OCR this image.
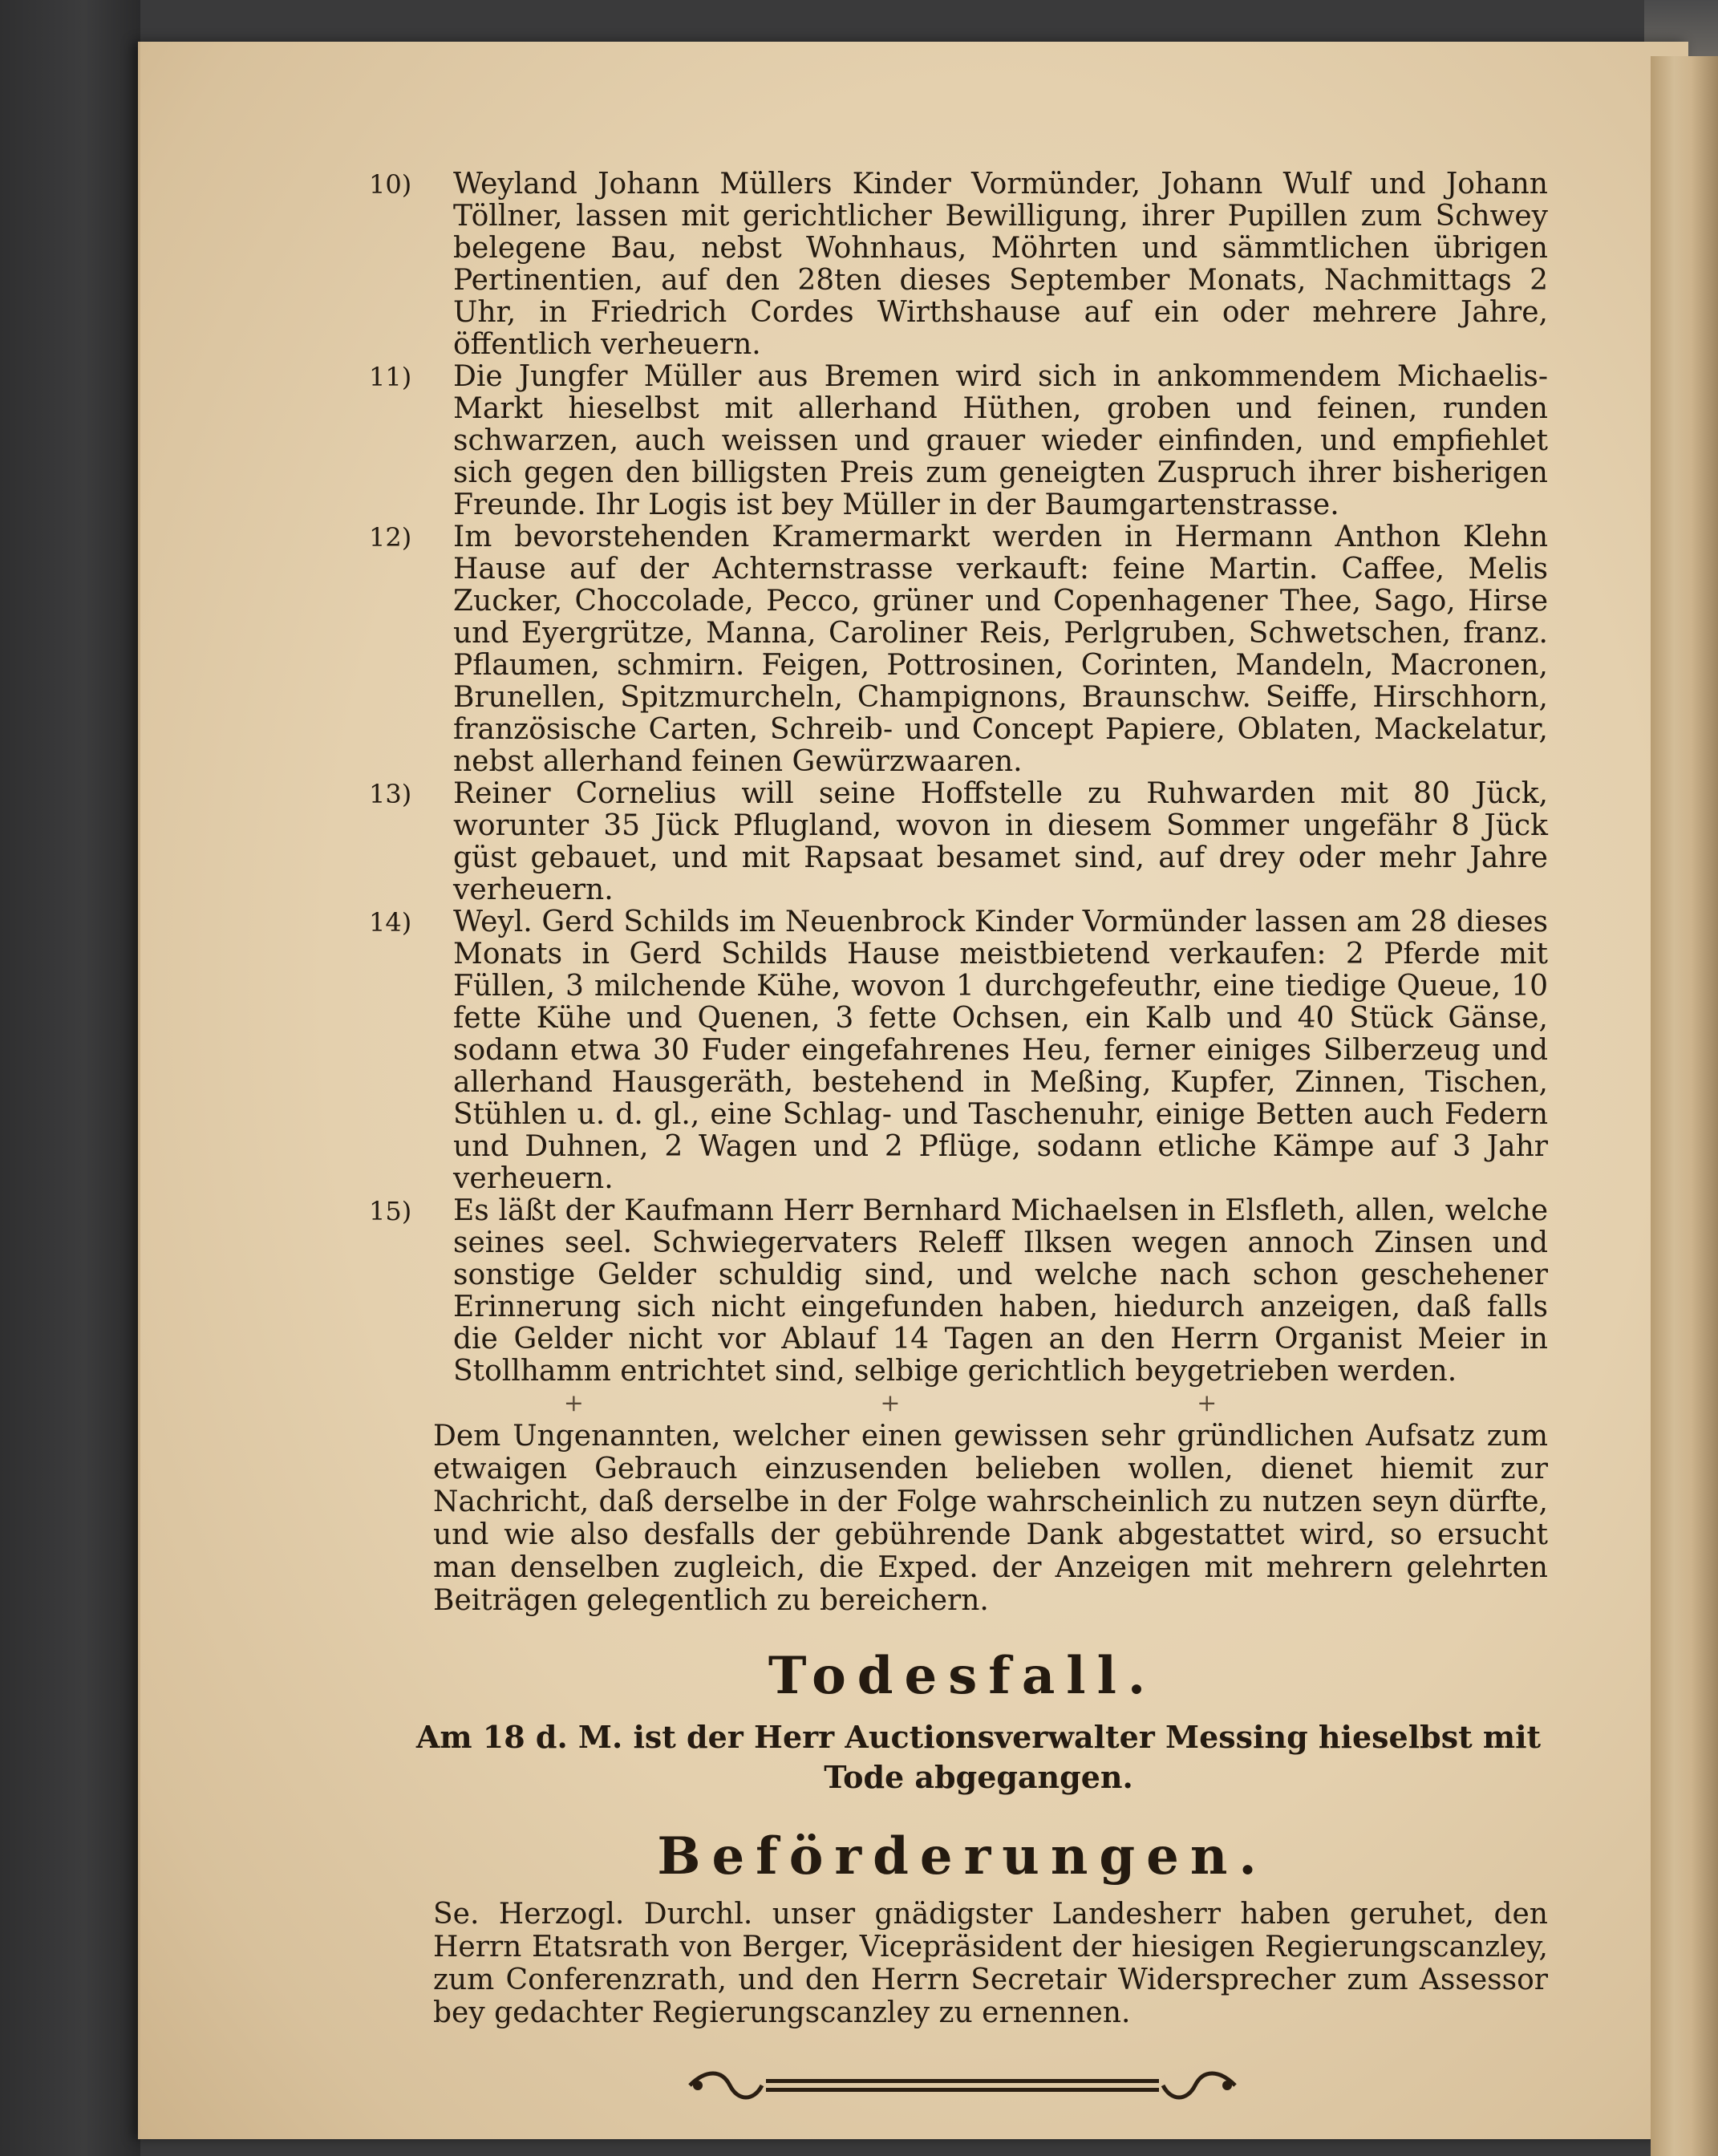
10)	Weyland Johann Müllers Kinder Vormünder, Johann Wulf und Johann Töllner, lassen mit gerichtlicher Bewilligung, ihrer Pupillen zum Schwey belegene Bau, nebst Wohnhaus, Möhrten und sämmtlichen übrigen Pertinentien, auf den 28ten dieses September Monats, Nachmittags 2 Uhr, in Friedrich Cordes Wirthshause auf ein oder mehrere Jahre, öffentlich verheuern.
11)	Die Jungfer Müller aus Bremen wird sich in ankommendem Michaelis-Markt hieselbst mit allerhand Hüthen, groben und feinen, runden schwarzen, auch weissen und grauer wieder einfinden, und empfiehlet sich gegen den billigsten Preis zum geneigten Zuspruch ihrer bisherigen Freunde. Ihr Logis ist bey Müller in der Baumgartenstrasse.
12)	Im bevorstehenden Kramermarkt werden in Hermann Anthon Klehn Hause auf der Achternstrasse verkauft: feine Martin. Caffee, Melis Zucker, Choccolade, Pecco, grüner und Copenhagener Thee, Sago, Hirse und Eyergrütze, Manna, Caroliner Reis, Perlgruben, Schwetschen, franz. Pflaumen, schmirn. Feigen, Pottrosinen, Corinten, Mandeln, Macronen, Brunellen, Spitzmurcheln, Champignons, Braunschw. Seiffe, Hirschhorn, französische Carten, Schreib- und Concept Papiere, Oblaten, Mackelatur, nebst allerhand feinen Gewürzwaaren.
13)	Reiner Cornelius will seine Hoffstelle zu Ruhwarden mit 80 Jück, worunter 35 Jück Pflugland, wovon in diesem Sommer ungefähr 8 Jück güst gebauet, und mit Rapsaat besamet sind, auf drey oder mehr Jahre verheuern.
14)	Weyl. Gerd Schilds im Neuenbrock Kinder Vormünder lassen am 28 dieses Monats in Gerd Schilds Hause meistbietend verkaufen: 2 Pferde mit Füllen, 3 milchende Kühe, wovon 1 durchgefeuthr, eine tiedige Queue, 10 fette Kühe und Quenen, 3 fette Ochsen, ein Kalb und 40 Stück Gänse, sodann etwa 30 Fuder eingefahrenes Heu, ferner einiges Silberzeug und allerhand Hausgeräth, bestehend in Meßing, Kupfer, Zinnen, Tischen, Stühlen u. d. gl., eine Schlag- und Taschenuhr, einige Betten auch Federn und Duhnen, 2 Wagen und 2 Pflüge, sodann etliche Kämpe auf 3 Jahr verheuern.
15)	Es läßt der Kaufmann Herr Bernhard Michaelsen in Elsfleth, allen, welche seines seel. Schwiegervaters Releff Ilksen wegen annoch Zinsen und sonstige Gelder schuldig sind, und welche nach schon geschehener Erinnerung sich nicht eingefunden haben, hiedurch anzeigen, daß falls die Gelder nicht vor Ablauf 14 Tagen an den Herrn Organist Meier in Stollhamm entrichtet sind, selbige gerichtlich beygetrieben werden.
+ + +
Dem Ungenannten, welcher einen gewissen sehr gründlichen Aufsatz zum etwaigen Gebrauch einzusenden belieben wollen, dienet hiemit zur Nachricht, daß derselbe in der Folge wahrscheinlich zu nutzen seyn dürfte, und wie also desfalls der gebührende Dank abgestattet wird, so ersucht man denselben zugleich, die Exped. der Anzeigen mit mehrern gelehrten Beiträgen gelegentlich zu bereichern.
Todesfall.
Am 18 d. M. ist der Herr Auctionsverwalter Messing hieselbst mit Tode abgegangen.
Beförderungen.
Se. Herzogl. Durchl. unser gnädigster Landesherr haben geruhet, den Herrn Etatsrath von Berger, Vicepräsident der hiesigen Regierungscanzley, zum Conferenzrath, und den Herrn Secretair Widersprecher zum Assessor bey gedachter Regierungscanzley zu ernennen.
